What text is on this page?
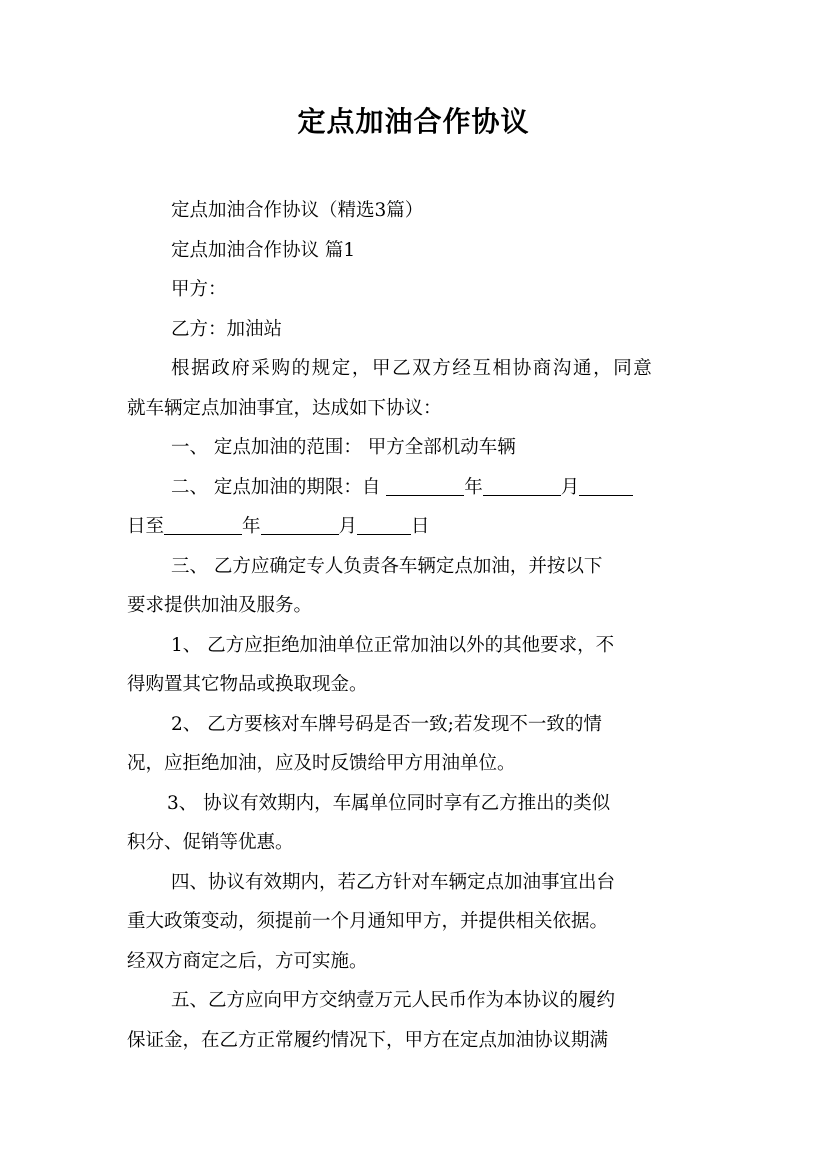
定点加油合作协议

定点加油合作协议（精选3篇）

定点加油合作协议 篇1

甲方：

乙方：加油站

根据政府采购的规定，甲乙双方经互相协商沟通，同意

就车辆定点加油事宜，达成如下协议：

一、 定点加油的范围： 甲方全部机动车辆

二、 定点加油的期限：自	年	月

日至	年	月	日

三、 乙方应确定专人负责各车辆定点加油，并按以下

要求提供加油及服务。

1、 乙方应拒绝加油单位正常加油以外的其他要求，不

得购置其它物品或换取现金。

2、 乙方要核对车牌号码是否一致;若发现不一致的情

况，应拒绝加油，应及时反馈给甲方用油单位。

3、 协议有效期内，车属单位同时享有乙方推出的类似

积分、促销等优惠。

四、协议有效期内，若乙方针对车辆定点加油事宜出台

重大政策变动，须提前一个月通知甲方，并提供相关依据。

经双方商定之后，方可实施。

五、乙方应向甲方交纳壹万元人民币作为本协议的履约

保证金，在乙方正常履约情况下，甲方在定点加油协议期满
